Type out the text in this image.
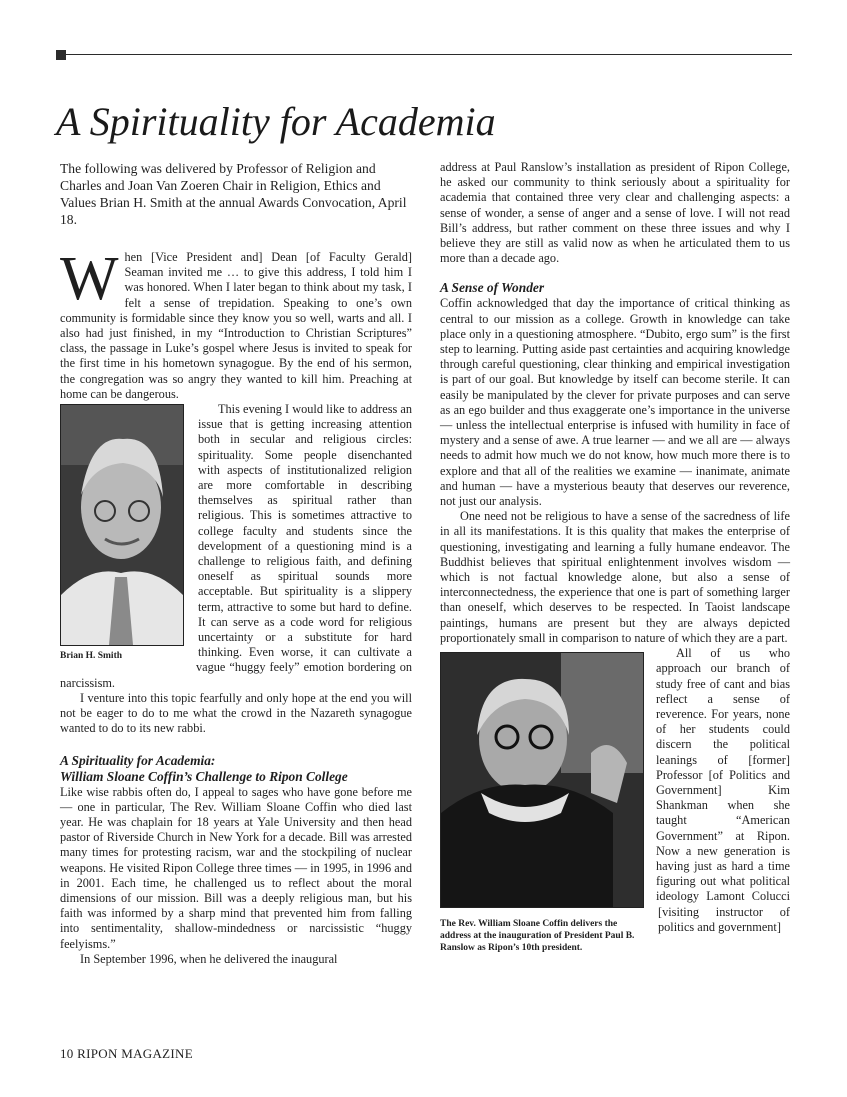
A Spirituality for Academia

The following was delivered by Professor of Religion and Charles and Joan Van Zoeren Chair in Religion, Ethics and Values Brian H. Smith at the annual Awards Convocation, April 18.

When [Vice President and] Dean [of Faculty Gerald] Seaman invited me … to give this address, I told him I was honored. When I later began to think about my task, I felt a sense of trepidation. Speaking to one’s own community is formidable since they know you so well, warts and all. I also had just finished, in my “Introduction to Christian Scriptures” class, the passage in Luke’s gospel where Jesus is invited to speak for the first time in his hometown synagogue. By the end of his sermon, the congregation was so angry they wanted to kill him. Preaching at home can be dangerous.

Brian H. Smith

This evening I would like to address an issue that is getting increasing attention both in secular and religious circles: spirituality. Some people disenchanted with aspects of institutionalized religion are more comfortable in describing themselves as spiritual rather than religious. This is sometimes attractive to college faculty and students since the development of a questioning mind is a challenge to religious faith, and defining oneself as spiritual sounds more acceptable. But spirituality is a slippery term, attractive to some but hard to define. It can serve as a code word for religious uncertainty or a substitute for hard thinking. Even worse, it can cultivate a vague “huggy feely” emotion bordering on narcissism.

I venture into this topic fearfully and only hope at the end you will not be eager to do to me what the crowd in the Nazareth synagogue wanted to do to its new rabbi.

A Spirituality for Academia:

William Sloane Coffin’s Challenge to Ripon College

Like wise rabbis often do, I appeal to sages who have gone before me — one in particular, The Rev. William Sloane Coffin who died last year. He was chaplain for 18 years at Yale University and then head pastor of Riverside Church in New York for a decade. Bill was arrested many times for protesting racism, war and the stockpiling of nuclear weapons. He visited Ripon College three times — in 1995, in 1996 and in 2001. Each time, he challenged us to reflect about the moral dimensions of our mission. Bill was a deeply religious man, but his faith was informed by a sharp mind that prevented him from falling into sentimentality, shallow-mindedness or narcissistic “huggy feelyisms.”

In September 1996, when he delivered the inaugural

address at Paul Ranslow’s installation as president of Ripon College, he asked our community to think seriously about a spirituality for academia that contained three very clear and challenging aspects: a sense of wonder, a sense of anger and a sense of love. I will not read Bill’s address, but rather comment on these three issues and why I believe they are still as valid now as when he articulated them to us more than a decade ago.

A Sense of Wonder

Coffin acknowledged that day the importance of critical thinking as central to our mission as a college. Growth in knowledge can take place only in a questioning atmosphere. “Dubito, ergo sum” is the first step to learning. Putting aside past certainties and acquiring knowledge through careful questioning, clear thinking and empirical investigation is part of our goal. But knowledge by itself can become sterile. It can easily be manipulated by the clever for private purposes and can serve as an ego builder and thus exaggerate one’s importance in the universe — unless the intellectual enterprise is infused with humility in face of mystery and a sense of awe. A true learner — and we all are — always needs to admit how much we do not know, how much more there is to explore and that all of the realities we examine — inanimate, animate and human — have a mysterious beauty that deserves our reverence, not just our analysis.

One need not be religious to have a sense of the sacredness of life in all its manifestations. It is this quality that makes the enterprise of questioning, investigating and learning a fully humane endeavor. The Buddhist believes that spiritual enlightenment involves wisdom — which is not factual knowledge alone, but also a sense of interconnectedness, the experience that one is part of something larger than oneself, which deserves to be respected. In Taoist landscape paintings, humans are present but they are always depicted proportionately small in comparison to nature of which they are a part.

The Rev. William Sloane Coffin delivers the address at the inauguration of President Paul B. Ranslow as Ripon’s 10th president.

All of us who approach our branch of study free of cant and bias reflect a sense of reverence. For years, none of her students could discern the political leanings of [former] Professor [of Politics and Government] Kim Shankman when she taught “American Government” at Ripon. Now a new generation is having just as hard a time figuring out what political ideology Lamont Colucci [visiting instructor of politics and government]

10 RIPON MAGAZINE
